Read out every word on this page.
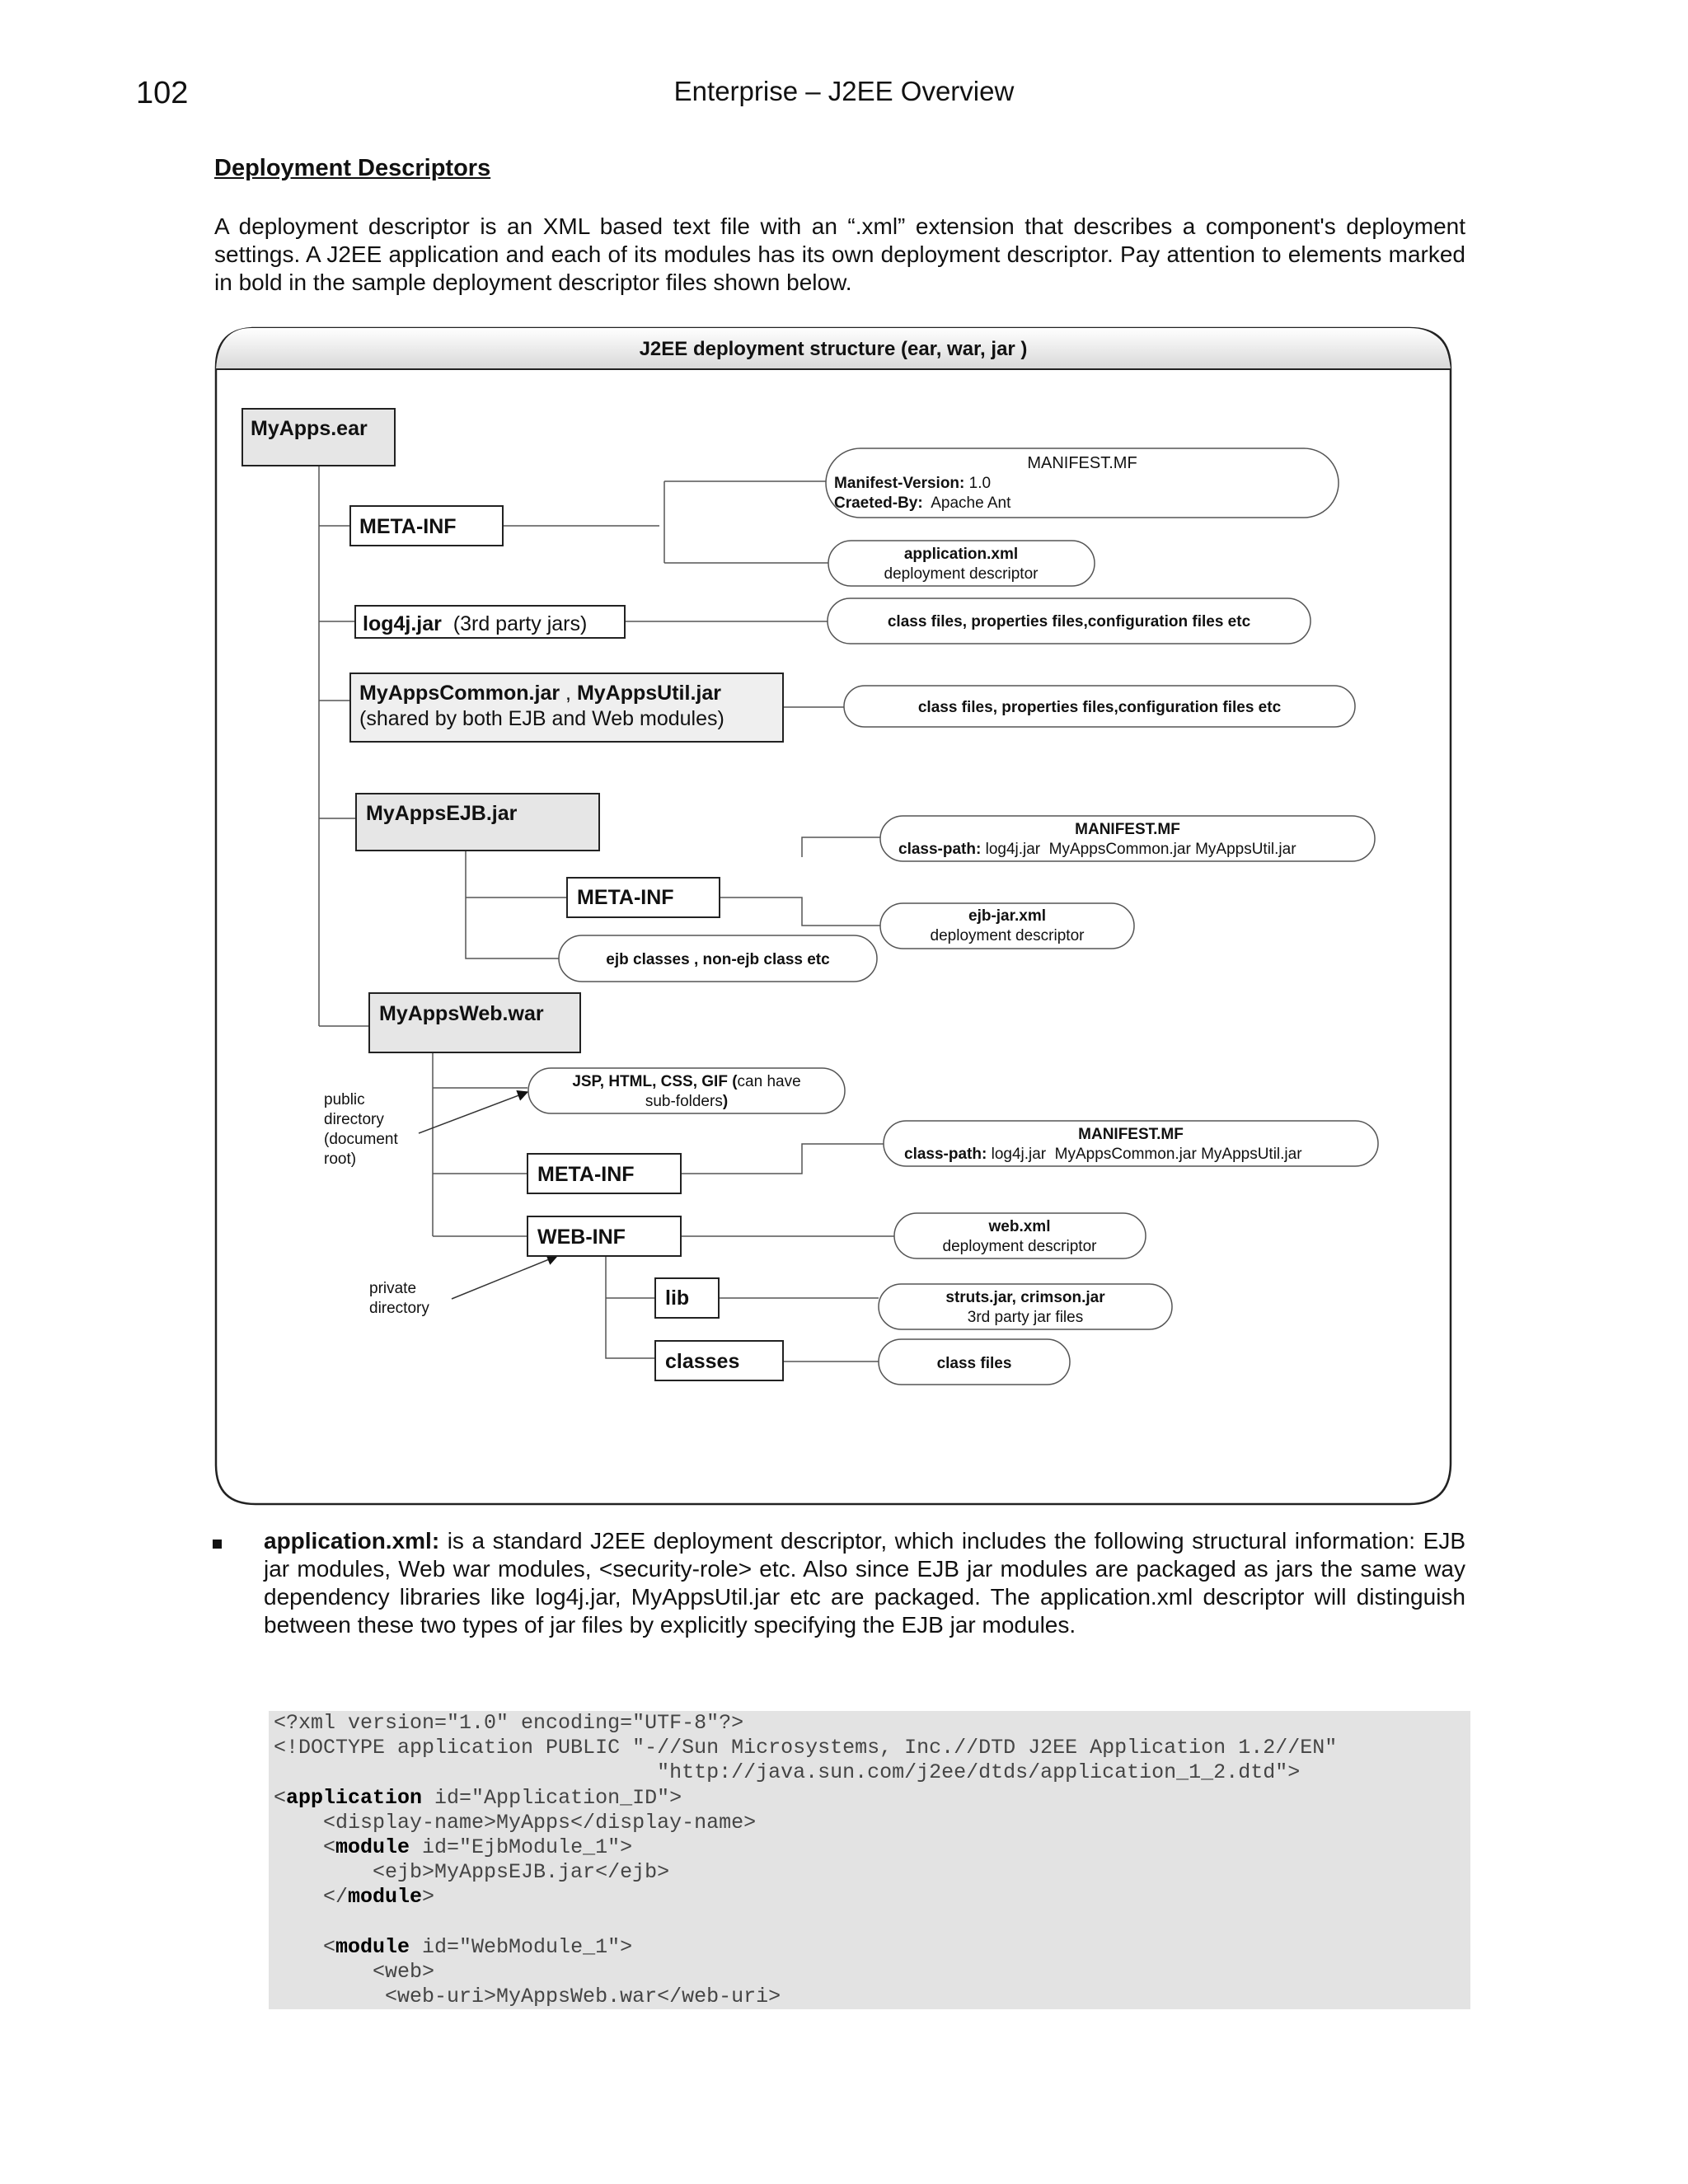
102	Enterprise – J2EE Overview
Deployment Descriptors
A deployment descriptor is an XML based text file with an “.xml” extension that describes a component's deployment settings. A J2EE application and each of its modules has its own deployment descriptor. Pay attention to elements marked in bold in the sample deployment descriptor files shown below.
J2EE deployment structure (ear, war, jar )
MyApps.ear
META-INF
log4j.jar  (3rd party jars)
MyAppsCommon.jar , MyAppsUtil.jar
(shared by both EJB and Web modules)
MyAppsEJB.jar
META-INF
MyAppsWeb.war
META-INF
WEB-INF
lib
classes
MANIFEST.MF
Manifest-Version: 1.0
Craeted-By:  Apache Ant
application.xml
deployment descriptor
class files, properties files,configuration files etc
class files, properties files,configuration files etc
MANIFEST.MF
class-path: log4j.jar  MyAppsCommon.jar MyAppsUtil.jar
ejb-jar.xml
deployment descriptor
ejb classes , non-ejb class etc
JSP, HTML, CSS, GIF (can have
sub-folders)
public
directory
(document
root)
MANIFEST.MF
class-path: log4j.jar  MyAppsCommon.jar MyAppsUtil.jar
web.xml
deployment descriptor
private
directory
struts.jar, crimson.jar
3rd party jar files
class files
application.xml: is a standard J2EE deployment descriptor, which includes the following structural information: EJB jar modules, Web war modules, <security-role> etc. Also since EJB jar modules are packaged as jars the same way dependency libraries like log4j.jar, MyAppsUtil.jar etc are packaged. The application.xml descriptor will distinguish between these two types of jar files by explicitly specifying the EJB jar modules.
<?xml version="1.0" encoding="UTF-8"?>
<!DOCTYPE application PUBLIC "-//Sun Microsystems, Inc.//DTD J2EE Application 1.2//EN"
"http://java.sun.com/j2ee/dtds/application_1_2.dtd">
<application id="Application_ID">
<display-name>MyApps</display-name>
<module id="EjbModule_1">
<ejb>MyAppsEJB.jar</ejb>
</module>
<module id="WebModule_1">
<web>
<web-uri>MyAppsWeb.war</web-uri>
